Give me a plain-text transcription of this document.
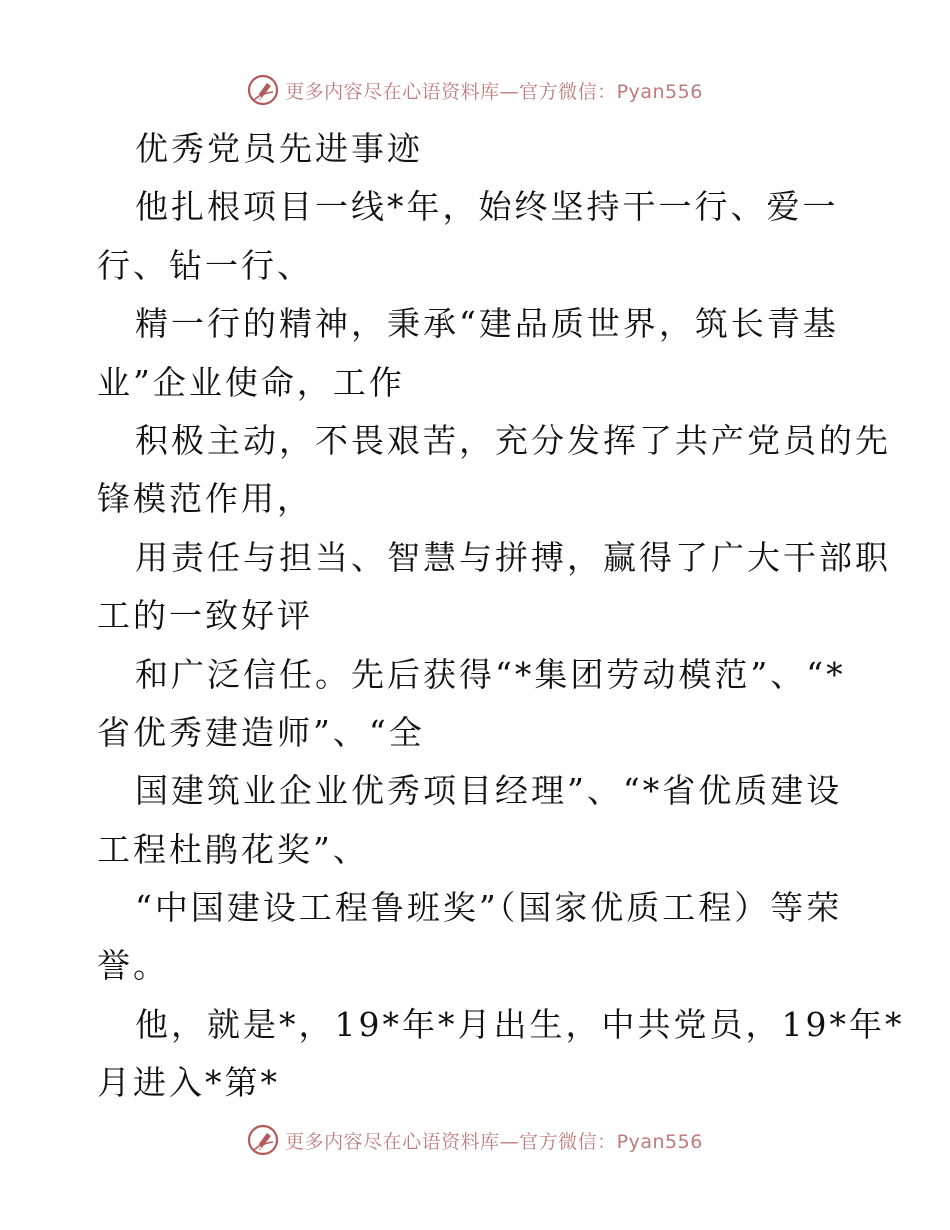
更多内容尽在心语资料库—官方微信：Pyan556
优秀党员先进事迹
他扎根项目一线*年，始终坚持干一行、爱一
行、钻一行、
精一行的精神，秉承“建品质世界，筑长青基
业”企业使命，工作
积极主动，不畏艰苦，充分发挥了共产党员的先
锋模范作用，
用责任与担当、智慧与拼搏，赢得了广大干部职
工的一致好评
和广泛信任。先后获得“*集团劳动模范”、“*
省优秀建造师”、“全
国建筑业企业优秀项目经理”、“*省优质建设
工程杜鹃花奖”、
“中国建设工程鲁班奖”（国家优质工程）等荣
誉。
他，就是*，19*年*月出生，中共党员，19*年*
月进入*第*
更多内容尽在心语资料库—官方微信：Pyan556
